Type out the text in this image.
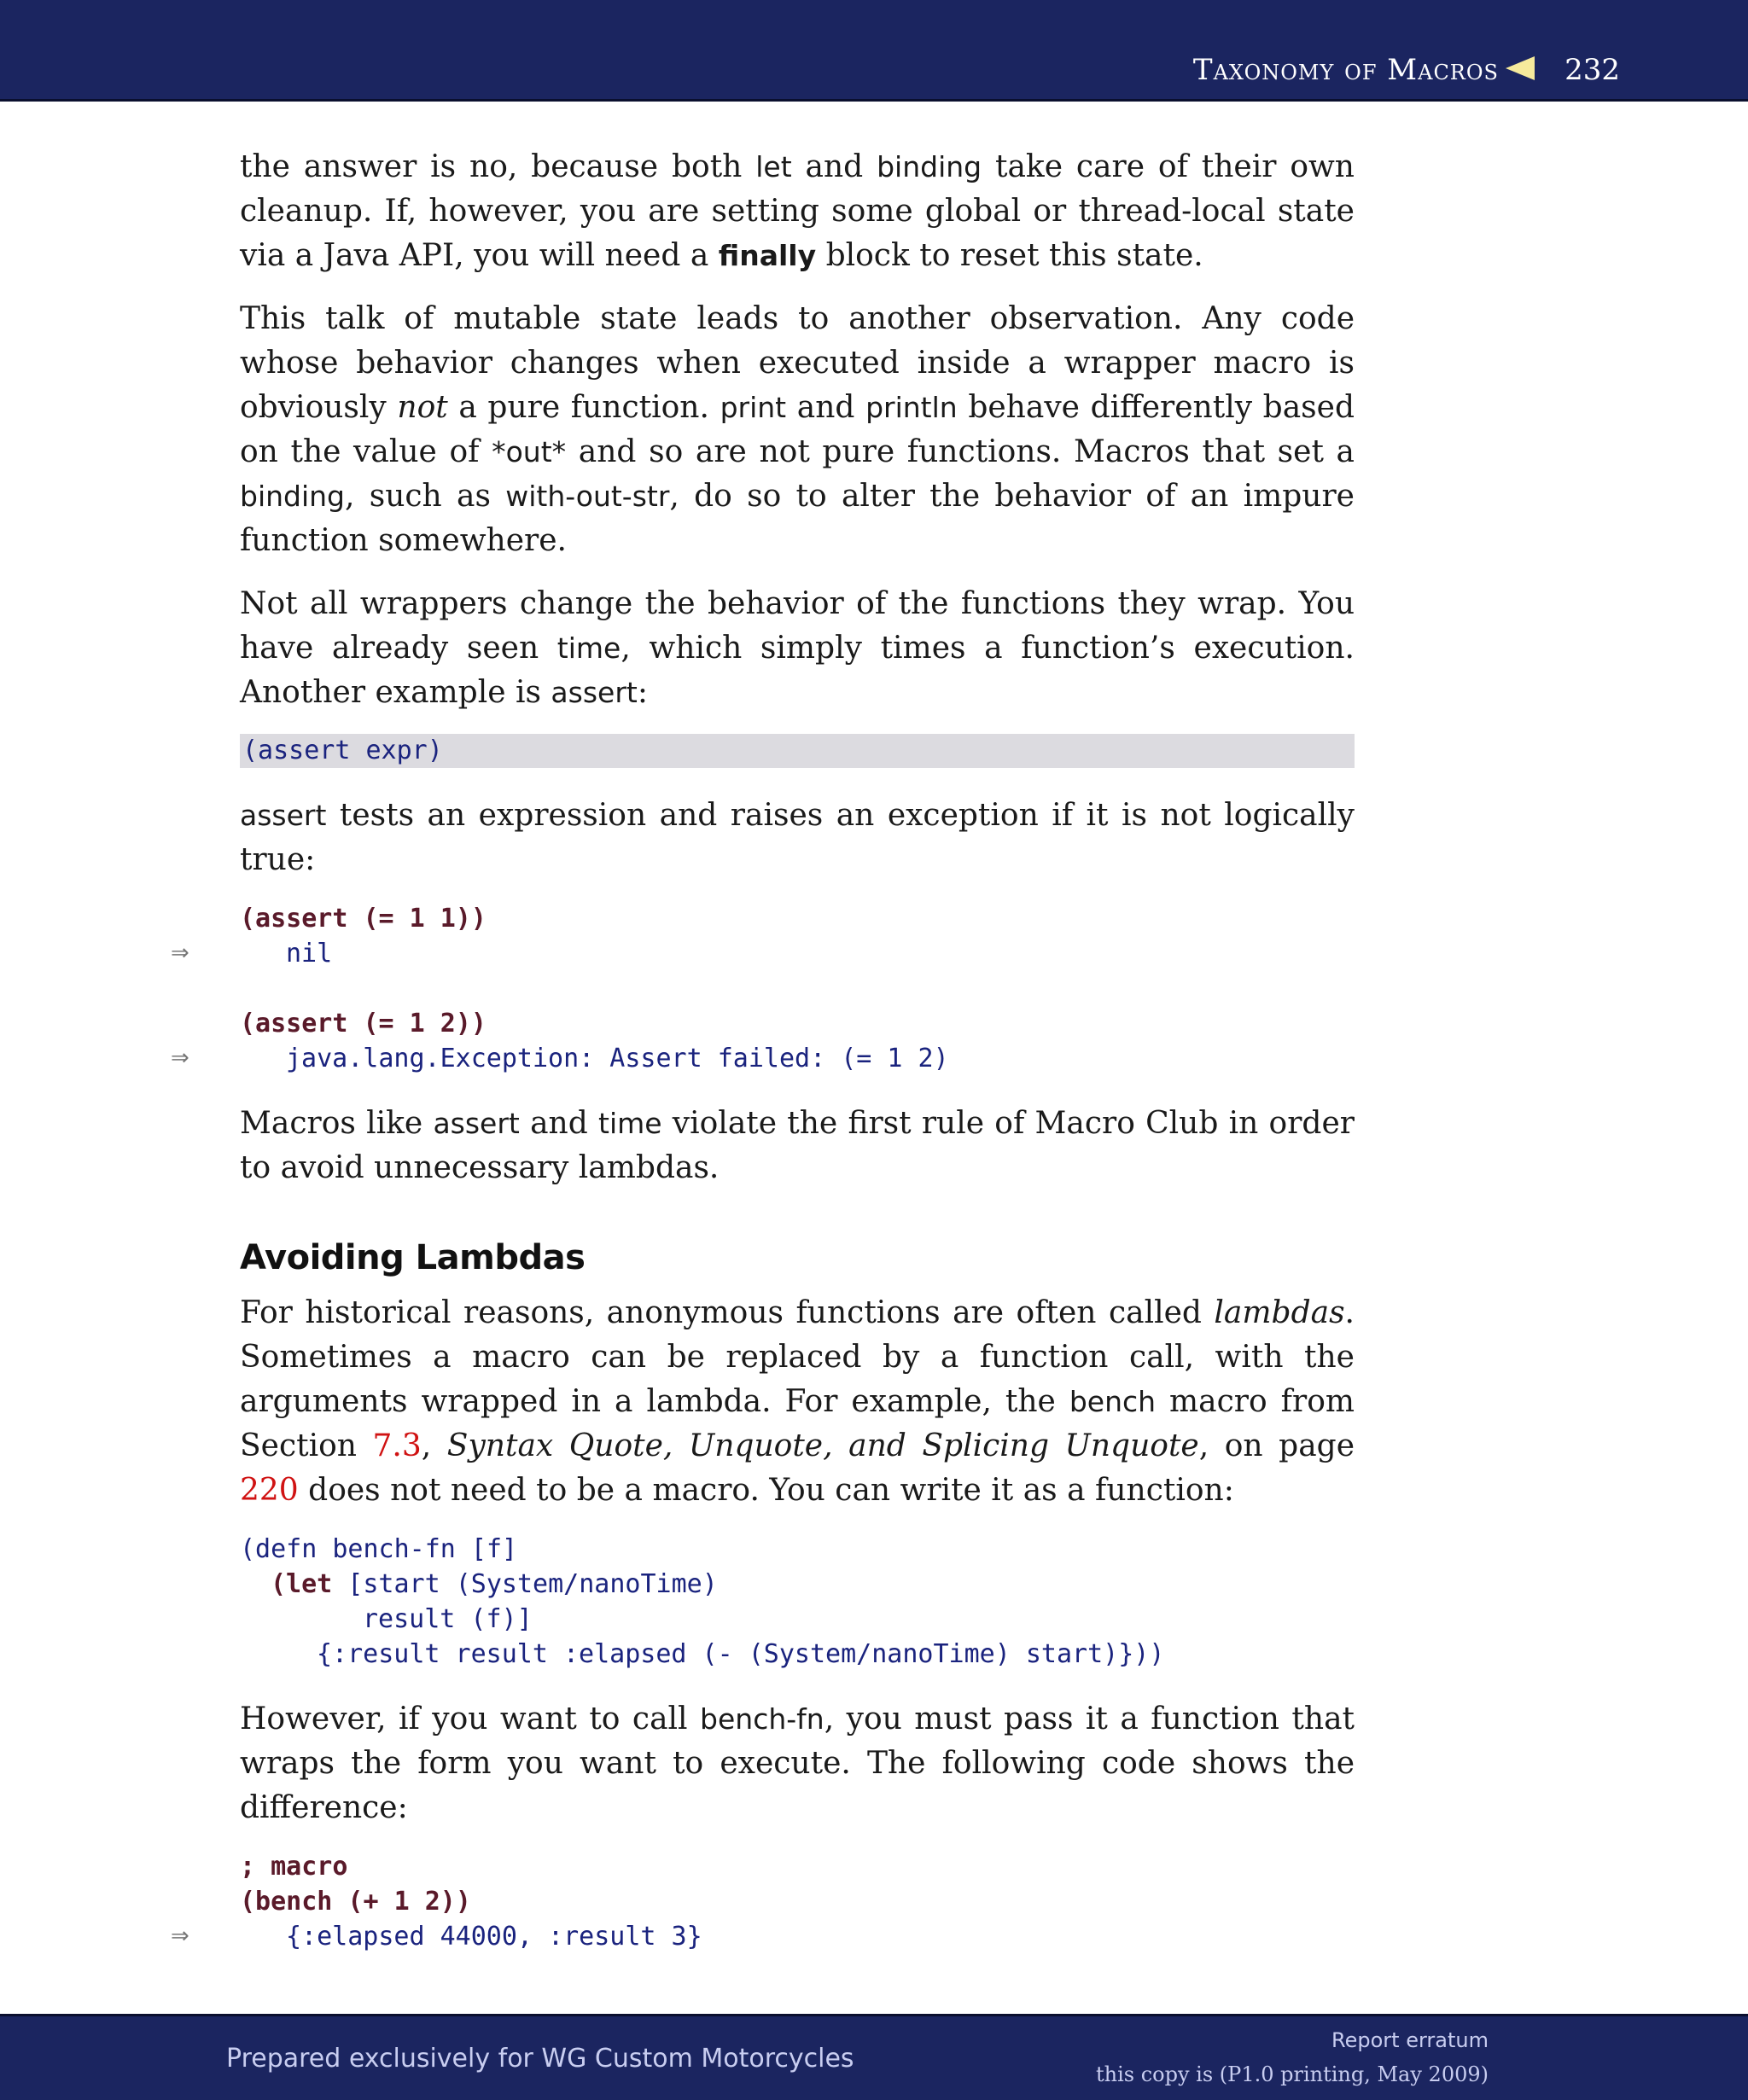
Taxonomy of Macros 232

the answer is no, because both let and binding take care of their own cleanup. If, however, you are setting some global or thread-local state via a Java API, you will need a finally block to reset this state.

This talk of mutable state leads to another observation. Any code whose behavior changes when executed inside a wrapper macro is obviously not a pure function. print and println behave differently based on the value of *out* and so are not pure functions. Macros that set a binding, such as with-out-str, do so to alter the behavior of an impure function somewhere.

Not all wrappers change the behavior of the functions they wrap. You have already seen time, which simply times a function’s execution. Another example is assert:

(assert expr)

assert tests an expression and raises an exception if it is not logically true:

(assert (= 1 1))
⇒	nil
(assert (= 1 2))
⇒	java.lang.Exception: Assert failed: (= 1 2)

Macros like assert and time violate the first rule of Macro Club in order to avoid unnecessary lambdas.

Avoiding Lambdas

For historical reasons, anonymous functions are often called lambdas. Sometimes a macro can be replaced by a function call, with the arguments wrapped in a lambda. For example, the bench macro from Section 7.3, Syntax Quote, Unquote, and Splicing Unquote, on page 220 does not need to be a macro. You can write it as a function:

(defn bench-fn [f]
(let [start (System/nanoTime)
result (f)]
{:result result :elapsed (- (System/nanoTime) start)}))

However, if you want to call bench-fn, you must pass it a function that wraps the form you want to execute. The following code shows the difference:

; macro
(bench (+ 1 2))
⇒	{:elapsed 44000, :result 3}
Prepared exclusively for WG Custom Motorcycles
Report erratum
this copy is (P1.0 printing, May 2009)
